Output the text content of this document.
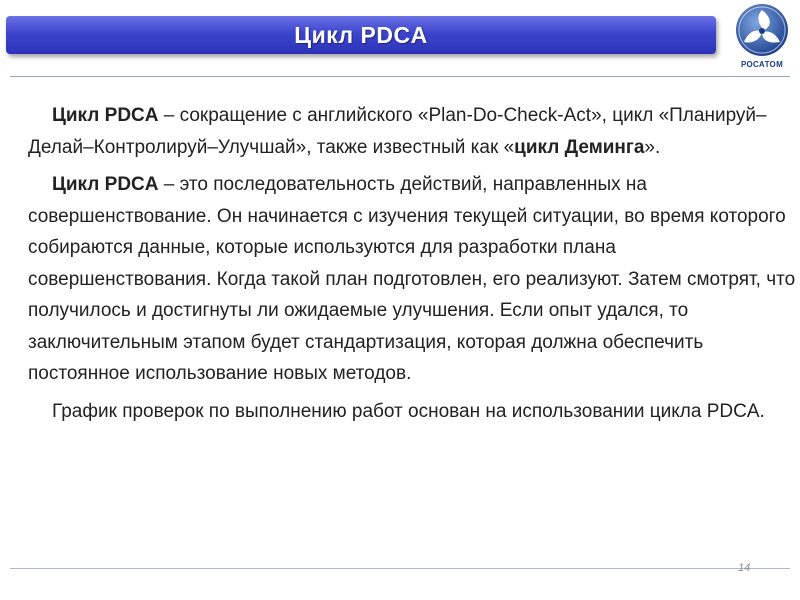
Цикл PDCA
РОСАТОМ

Цикл PDCA – сокращение с английского «Plan-Do-Check-Act», цикл «Планируй–Делай–Контролируй–Улучшай», также известный как «цикл Деминга».

Цикл PDCA – это последовательность действий, направленных на совершенствование. Он начинается с изучения текущей ситуации, во время которого собираются данные, которые используются для разработки плана совершенствования. Когда такой план подготовлен, его реализуют. Затем смотрят, что получилось и достигнуты ли ожидаемые улучшения. Если опыт удался, то заключительным этапом будет стандартизация, которая должна обеспечить постоянное использование новых методов.

График проверок по выполнению работ основан на использовании цикла PDCA.

14
